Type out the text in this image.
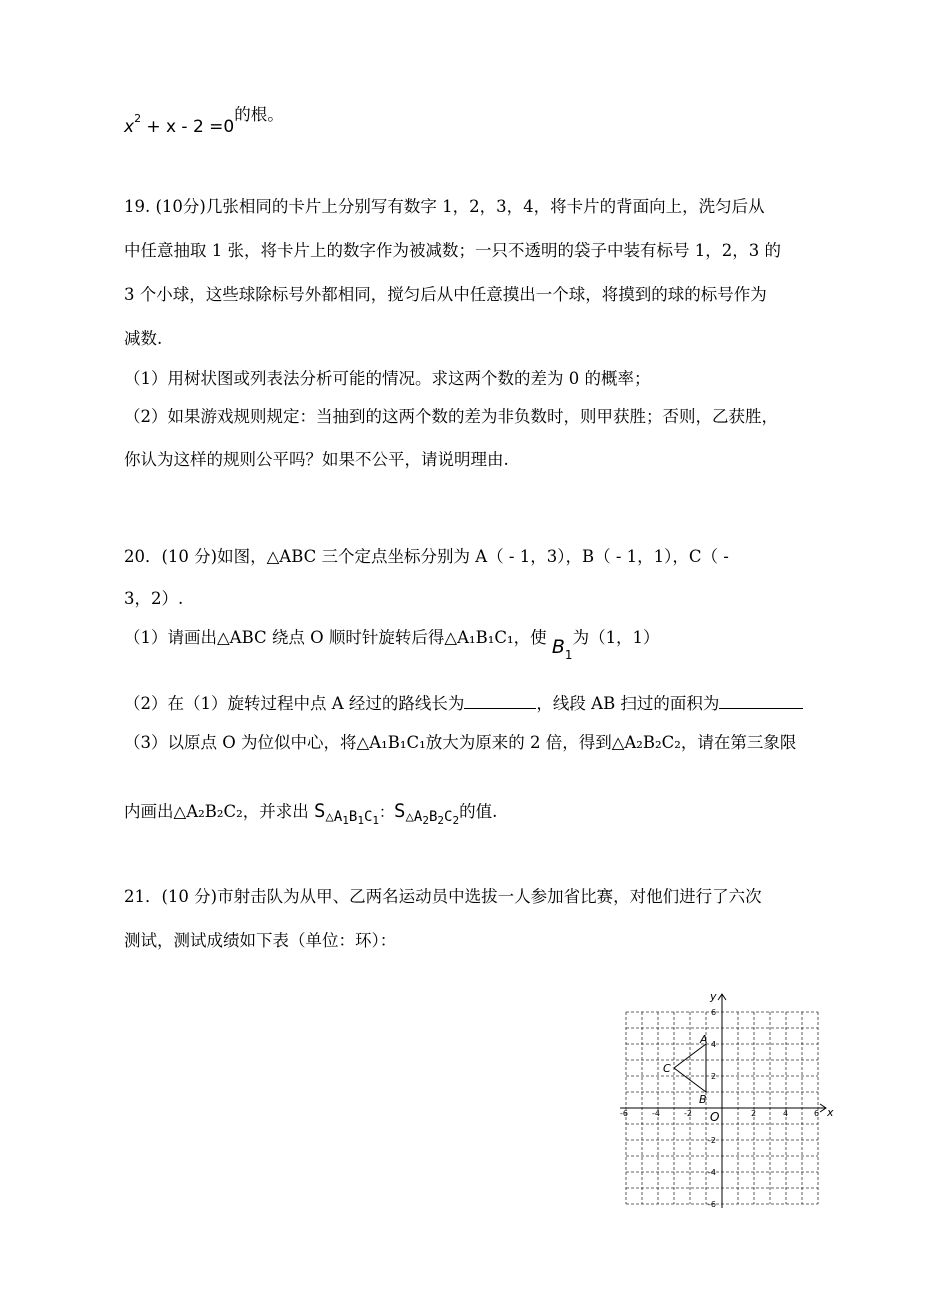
$x^2 + x - 2 =0$的根。
19. (10分)几张相同的卡片上分别写有数字 1，2，3，4，将卡片的背面向上，洗匀后从
中任意抽取 1 张，将卡片上的数字作为被减数；一只不透明的袋子中装有标号 1，2，3 的
3 个小球，这些球除标号外都相同，搅匀后从中任意摸出一个球，将摸到的球的标号作为
减数.
（1）用树状图或列表法分析可能的情况。求这两个数的差为 0 的概率；
（2）如果游戏规则规定：当抽到的这两个数的差为非负数时，则甲获胜；否则，乙获胜，
你认为这样的规则公平吗？如果不公平，请说明理由.
20．(10 分)如图，△ABC 三个定点坐标分别为 A（ - 1，3），B（ - 1，1），C（ -
3，2）.
（1）请画出△ABC 绕点 O 顺时针旋转后得△A₁B₁C₁，使 $B_1$为（1，1）
（2）在（1）旋转过程中点 A 经过的路线长为	，线段 AB 扫过的面积为
（3）以原点 O 为位似中心，将△A₁B₁C₁放大为原来的 2 倍，得到△A₂B₂C₂，请在第三象限
内画出△A₂B₂C₂，并求出 $S_{\triangle A1B1C1}$：$S_{\triangle A2B2C2}$的值.
21．(10 分)市射击队为从甲、乙两名运动员中选拔一人参加省比赛，对他们进行了六次
测试，测试成绩如下表（单位：环）：
x
y
O
-6	-4	-2	2	4	6
6
4
2
-2
-4
-6
A
B
C
